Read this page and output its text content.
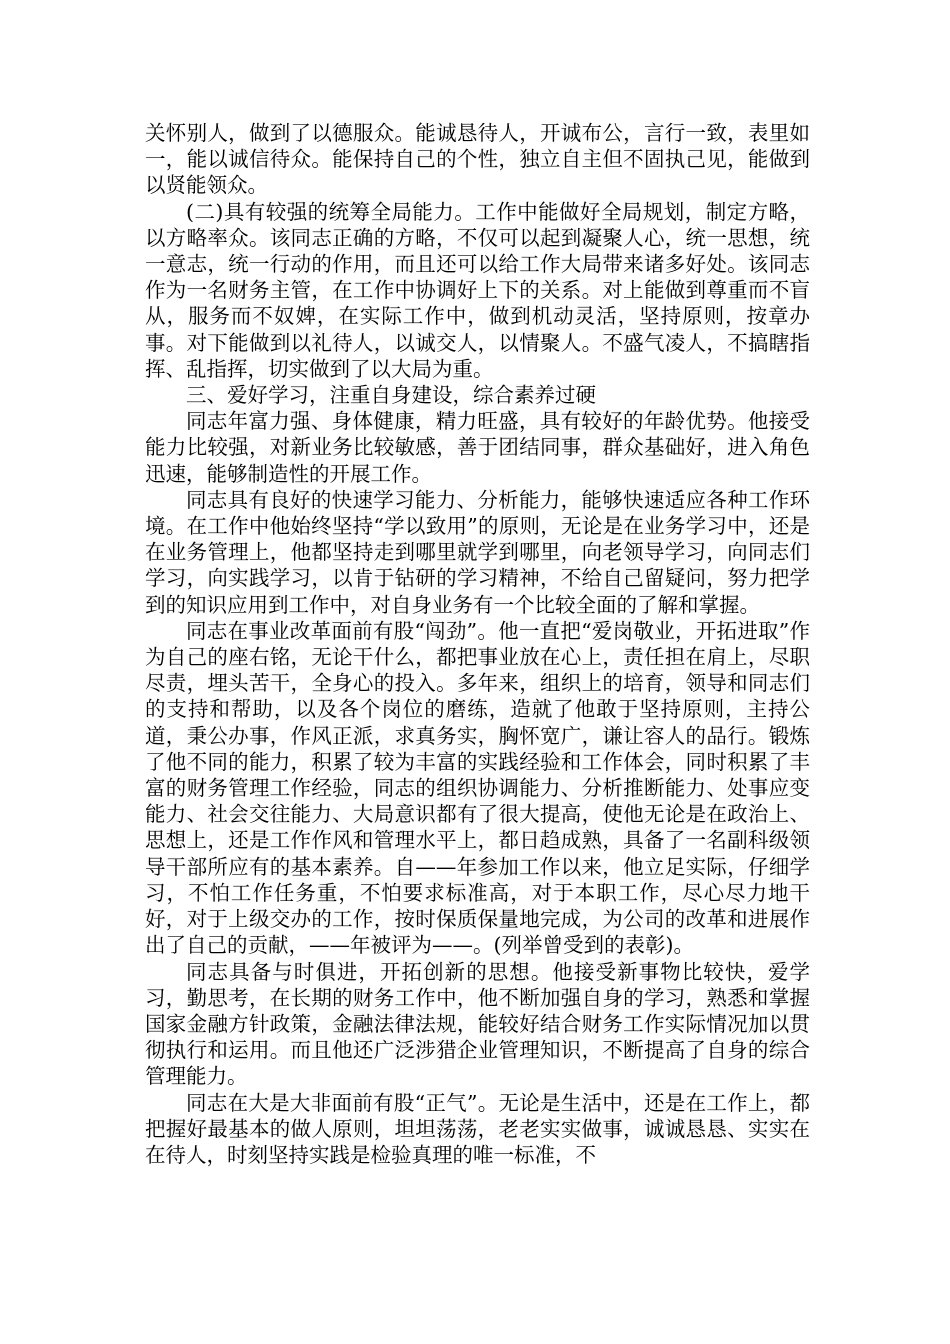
关怀别人，做到了以德服众。能诚恳待人，开诚布公，言行一致，表里如一，能以诚信待众。能保持自己的个性，独立自主但不固执己见，能做到以贤能领众。

(二)具有较强的统筹全局能力。工作中能做好全局规划，制定方略，以方略率众。该同志正确的方略，不仅可以起到凝聚人心，统一思想，统一意志，统一行动的作用，而且还可以给工作大局带来诸多好处。该同志作为一名财务主管，在工作中协调好上下的关系。对上能做到尊重而不盲从，服务而不奴婢，在实际工作中，做到机动灵活，坚持原则，按章办事。对下能做到以礼待人，以诚交人，以情聚人。不盛气凌人，不搞瞎指挥、乱指挥，切实做到了以大局为重。

三、爱好学习，注重自身建设，综合素养过硬

同志年富力强、身体健康，精力旺盛，具有较好的年龄优势。他接受能力比较强，对新业务比较敏感，善于团结同事，群众基础好，进入角色迅速，能够制造性的开展工作。

同志具有良好的快速学习能力、分析能力，能够快速适应各种工作环境。在工作中他始终坚持“学以致用”的原则，无论是在业务学习中，还是在业务管理上，他都坚持走到哪里就学到哪里，向老领导学习，向同志们学习，向实践学习，以肯于钻研的学习精神，不给自己留疑问，努力把学到的知识应用到工作中，对自身业务有一个比较全面的了解和掌握。

同志在事业改革面前有股“闯劲”。他一直把“爱岗敬业，开拓进取”作为自己的座右铭，无论干什么，都把事业放在心上，责任担在肩上，尽职尽责，埋头苦干，全身心的投入。多年来，组织上的培育，领导和同志们的支持和帮助，以及各个岗位的磨练，造就了他敢于坚持原则，主持公道，秉公办事，作风正派，求真务实，胸怀宽广，谦让容人的品行。锻炼了他不同的能力，积累了较为丰富的实践经验和工作体会，同时积累了丰富的财务管理工作经验，同志的组织协调能力、分析推断能力、处事应变能力、社会交往能力、大局意识都有了很大提高，使他无论是在政治上、思想上，还是工作作风和管理水平上，都日趋成熟，具备了一名副科级领导干部所应有的基本素养。自——年参加工作以来，他立足实际，仔细学习，不怕工作任务重，不怕要求标准高，对于本职工作，尽心尽力地干好，对于上级交办的工作，按时保质保量地完成，为公司的改革和进展作出了自己的贡献，——年被评为——。(列举曾受到的表彰)。

同志具备与时俱进，开拓创新的思想。他接受新事物比较快，爱学习，勤思考，在长期的财务工作中，他不断加强自身的学习，熟悉和掌握国家金融方针政策，金融法律法规，能较好结合财务工作实际情况加以贯彻执行和运用。而且他还广泛涉猎企业管理知识，不断提高了自身的综合管理能力。

同志在大是大非面前有股“正气”。无论是生活中，还是在工作上，都把握好最基本的做人原则，坦坦荡荡，老老实实做事，诚诚恳恳、实实在在待人，时刻坚持实践是检验真理的唯一标准，不
